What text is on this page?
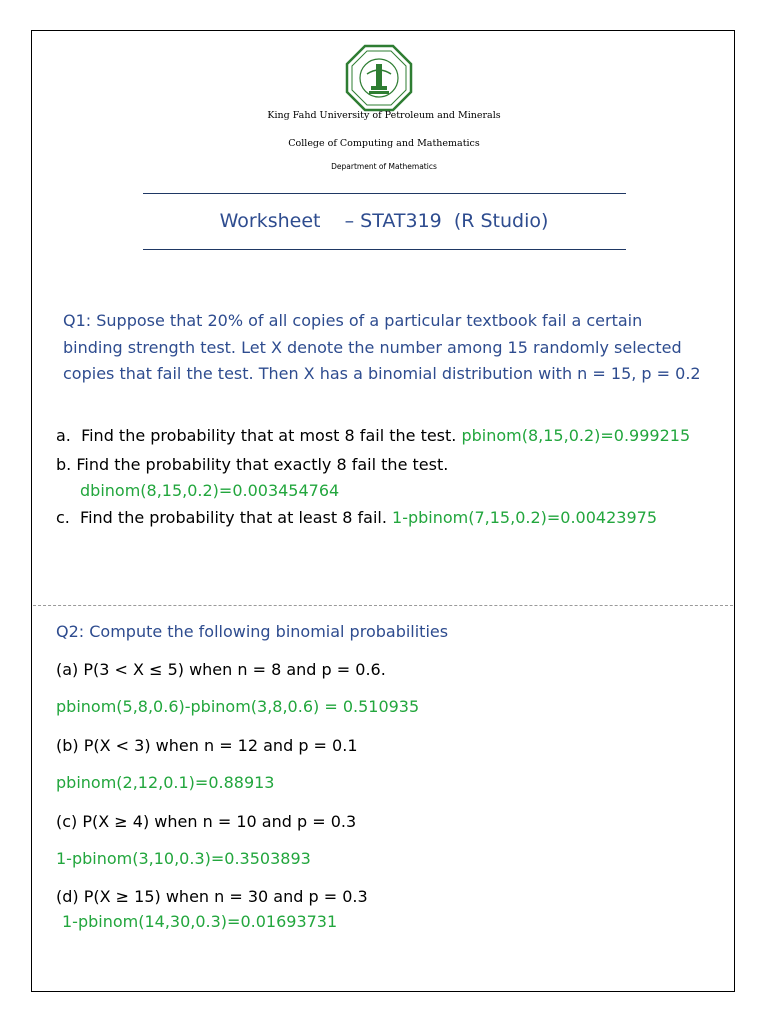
King Fahd University of Petroleum and Minerals
College of Computing and Mathematics
Department of Mathematics
Worksheet    – STAT319  (R Studio)

Q1: Suppose that 20% of all copies of a particular textbook fail a certain binding strength test. Let X denote the number among 15 randomly selected copies that fail the test. Then X has a binomial distribution with n = 15, p = 0.2

a.  Find the probability that at most 8 fail the test. pbinom(8,15,0.2)=0.999215
b. Find the probability that exactly 8 fail the test.
dbinom(8,15,0.2)=0.003454764
c.  Find the probability that at least 8 fail. 1-pbinom(7,15,0.2)=0.00423975
Q2: Compute the following binomial probabilities
(a) P(3 < X ≤ 5) when n = 8 and p = 0.6.
pbinom(5,8,0.6)-pbinom(3,8,0.6) = 0.510935
(b) P(X < 3) when n = 12 and p = 0.1
pbinom(2,12,0.1)=0.88913
(c) P(X ≥ 4) when n = 10 and p = 0.3
1-pbinom(3,10,0.3)=0.3503893
(d) P(X ≥ 15) when n = 30 and p = 0.3
1-pbinom(14,30,0.3)=0.01693731
